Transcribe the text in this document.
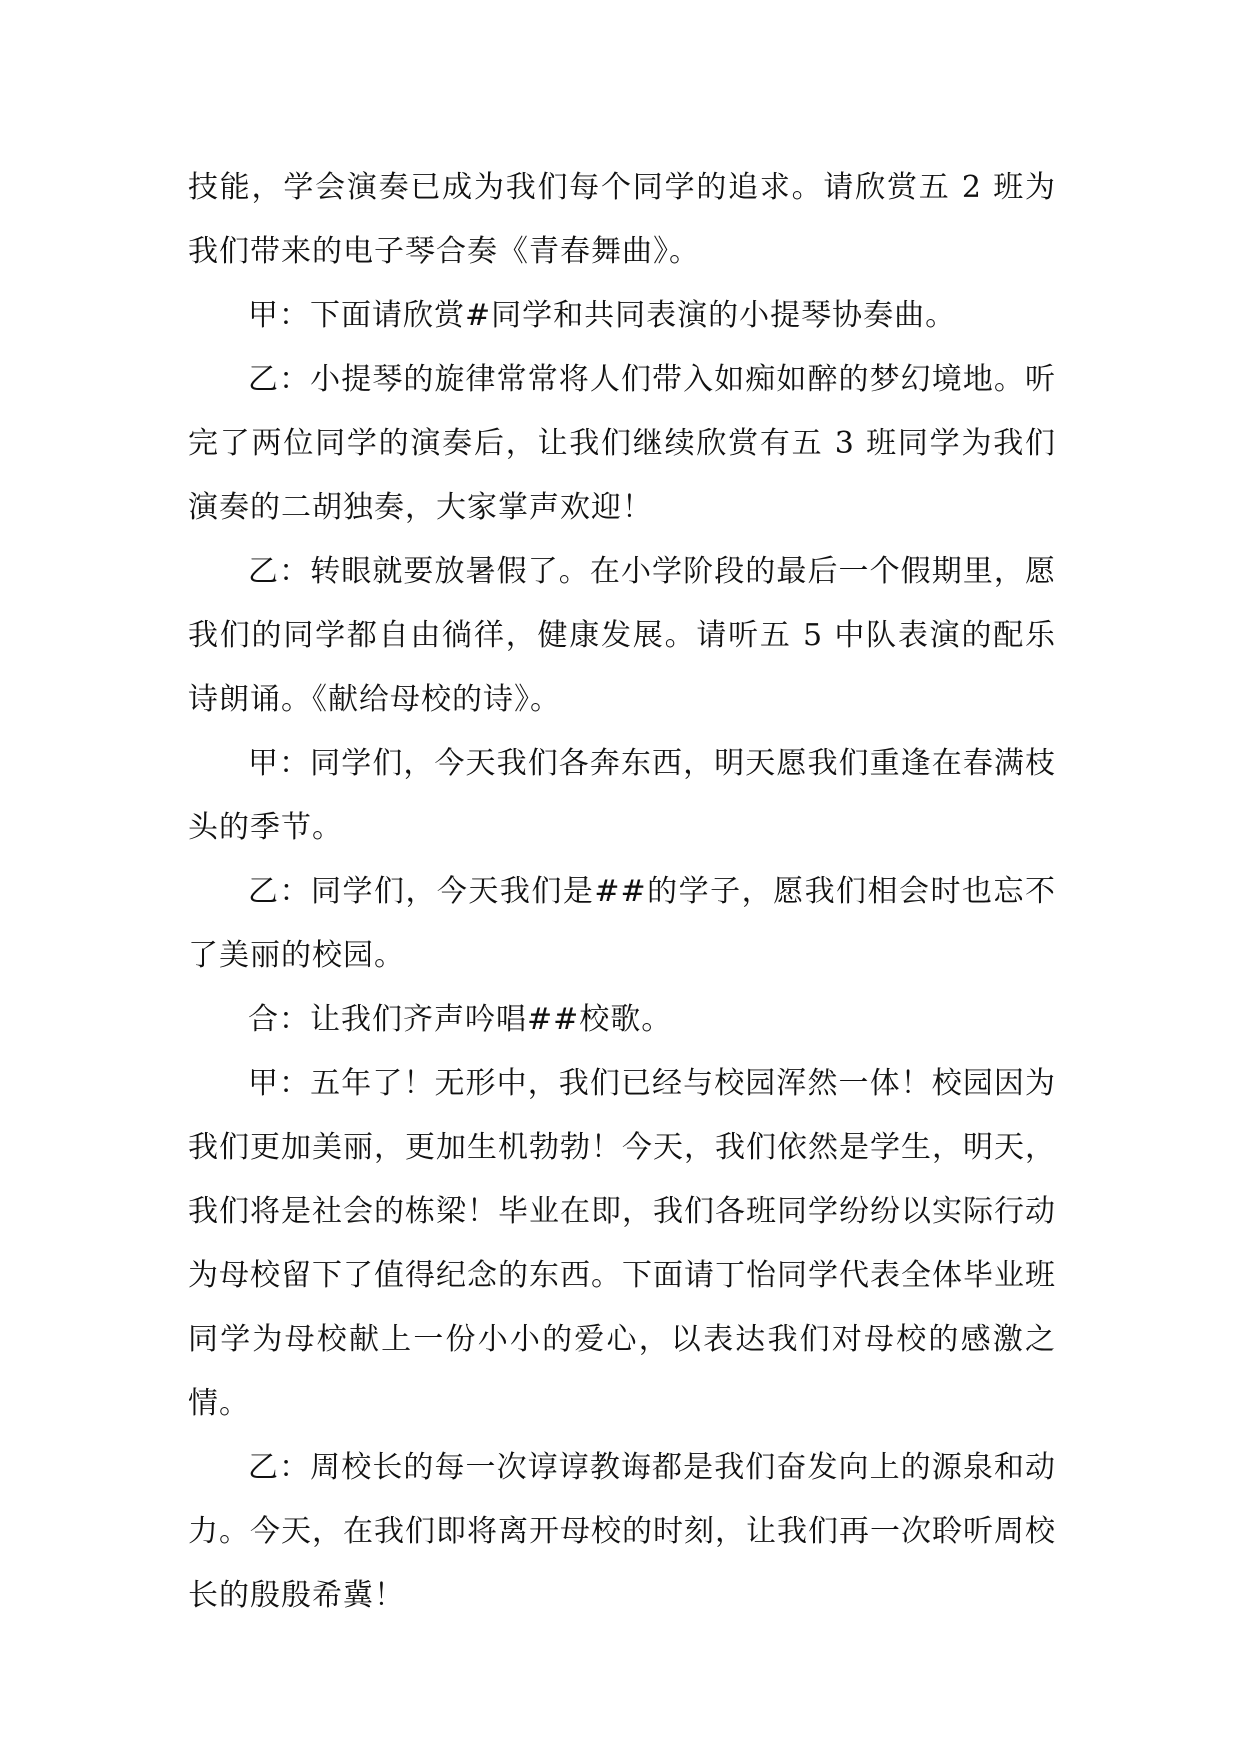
技能，学会演奏已成为我们每个同学的追求。请欣赏五 2 班为我们带来的电子琴合奏《青春舞曲》。

甲：下面请欣赏#同学和共同表演的小提琴协奏曲。

乙：小提琴的旋律常常将人们带入如痴如醉的梦幻境地。听完了两位同学的演奏后，让我们继续欣赏有五 3 班同学为我们演奏的二胡独奏，大家掌声欢迎！

乙：转眼就要放暑假了。在小学阶段的最后一个假期里，愿我们的同学都自由徜徉，健康发展。请听五 5 中队表演的配乐诗朗诵。《献给母校的诗》。

甲：同学们，今天我们各奔东西，明天愿我们重逢在春满枝头的季节。

乙：同学们，今天我们是##的学子，愿我们相会时也忘不了美丽的校园。

合：让我们齐声吟唱##校歌。

甲：五年了！无形中，我们已经与校园浑然一体！校园因为我们更加美丽，更加生机勃勃！今天，我们依然是学生，明天，我们将是社会的栋梁！毕业在即，我们各班同学纷纷以实际行动为母校留下了值得纪念的东西。下面请丁怡同学代表全体毕业班同学为母校献上一份小小的爱心，以表达我们对母校的感激之情。

乙：周校长的每一次谆谆教诲都是我们奋发向上的源泉和动力。今天，在我们即将离开母校的时刻，让我们再一次聆听周校长的殷殷希冀！
